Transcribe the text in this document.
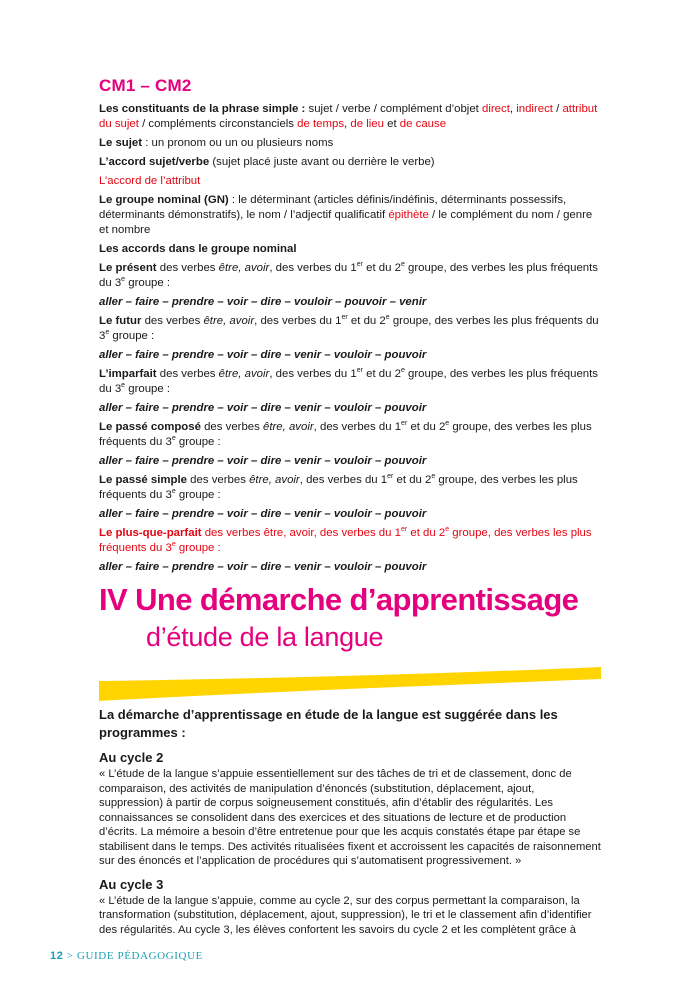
CM1 – CM2

Les constituants de la phrase simple : sujet / verbe / complément d’objet direct, indirect / attribut du sujet / compléments circonstanciels de temps, de lieu et de cause

Le sujet : un pronom ou un ou plusieurs noms

L’accord sujet/verbe (sujet placé juste avant ou derrière le verbe)

L’accord de l’attribut

Le groupe nominal (GN) : le déterminant (articles définis/indéfinis, déterminants possessifs, déterminants démonstratifs), le nom / l’adjectif qualificatif épithète / le complément du nom / genre et nombre

Les accords dans le groupe nominal

Le présent des verbes être, avoir, des verbes du 1er et du 2e groupe, des verbes les plus fréquents du 3e groupe :

aller – faire – prendre – voir – dire – vouloir – pouvoir – venir

Le futur des verbes être, avoir, des verbes du 1er et du 2e groupe, des verbes les plus fréquents du 3e groupe :

aller – faire – prendre – voir – dire – venir – vouloir – pouvoir

L’imparfait des verbes être, avoir, des verbes du 1er et du 2e groupe, des verbes les plus fréquents du 3e groupe :

aller – faire – prendre – voir – dire – venir – vouloir – pouvoir

Le passé composé des verbes être, avoir, des verbes du 1er et du 2e groupe, des verbes les plus fréquents du 3e groupe :

aller – faire – prendre – voir – dire – venir – vouloir – pouvoir

Le passé simple des verbes être, avoir, des verbes du 1er et du 2e groupe, des verbes les plus fréquents du 3e groupe :

aller – faire – prendre – voir – dire – venir – vouloir – pouvoir

Le plus-que-parfait des verbes être, avoir, des verbes du 1er et du 2e groupe, des verbes les plus fréquents du 3e groupe :

aller – faire – prendre – voir – dire – venir – vouloir – pouvoir

IV Une démarche d’apprentissage
d’étude de la langue

La démarche d’apprentissage en étude de la langue est suggérée dans les programmes :

Au cycle 2

« L’étude de la langue s’appuie essentiellement sur des tâches de tri et de classement, donc de comparaison, des activités de manipulation d’énoncés (substitution, déplacement, ajout, suppression) à partir de corpus soigneusement constitués, afin d’établir des régularités. Les connaissances se consolident dans des exercices et des situations de lecture et de production d’écrits. La mémoire a besoin d’être entretenue pour que les acquis constatés étape par étape se stabilisent dans le temps. Des activités ritualisées fixent et accroissent les capacités de raisonnement sur des énoncés et l’application de procédures qui s’automatisent progressivement. »

Au cycle 3

« L’étude de la langue s’appuie, comme au cycle 2, sur des corpus permettant la comparaison, la transformation (substitution, déplacement, ajout, suppression), le tri et le classement afin d’identifier des régularités. Au cycle 3, les élèves confortent les savoirs du cycle 2 et les complètent grâce à

12 > GUIDE PÉDAGOGIQUE
